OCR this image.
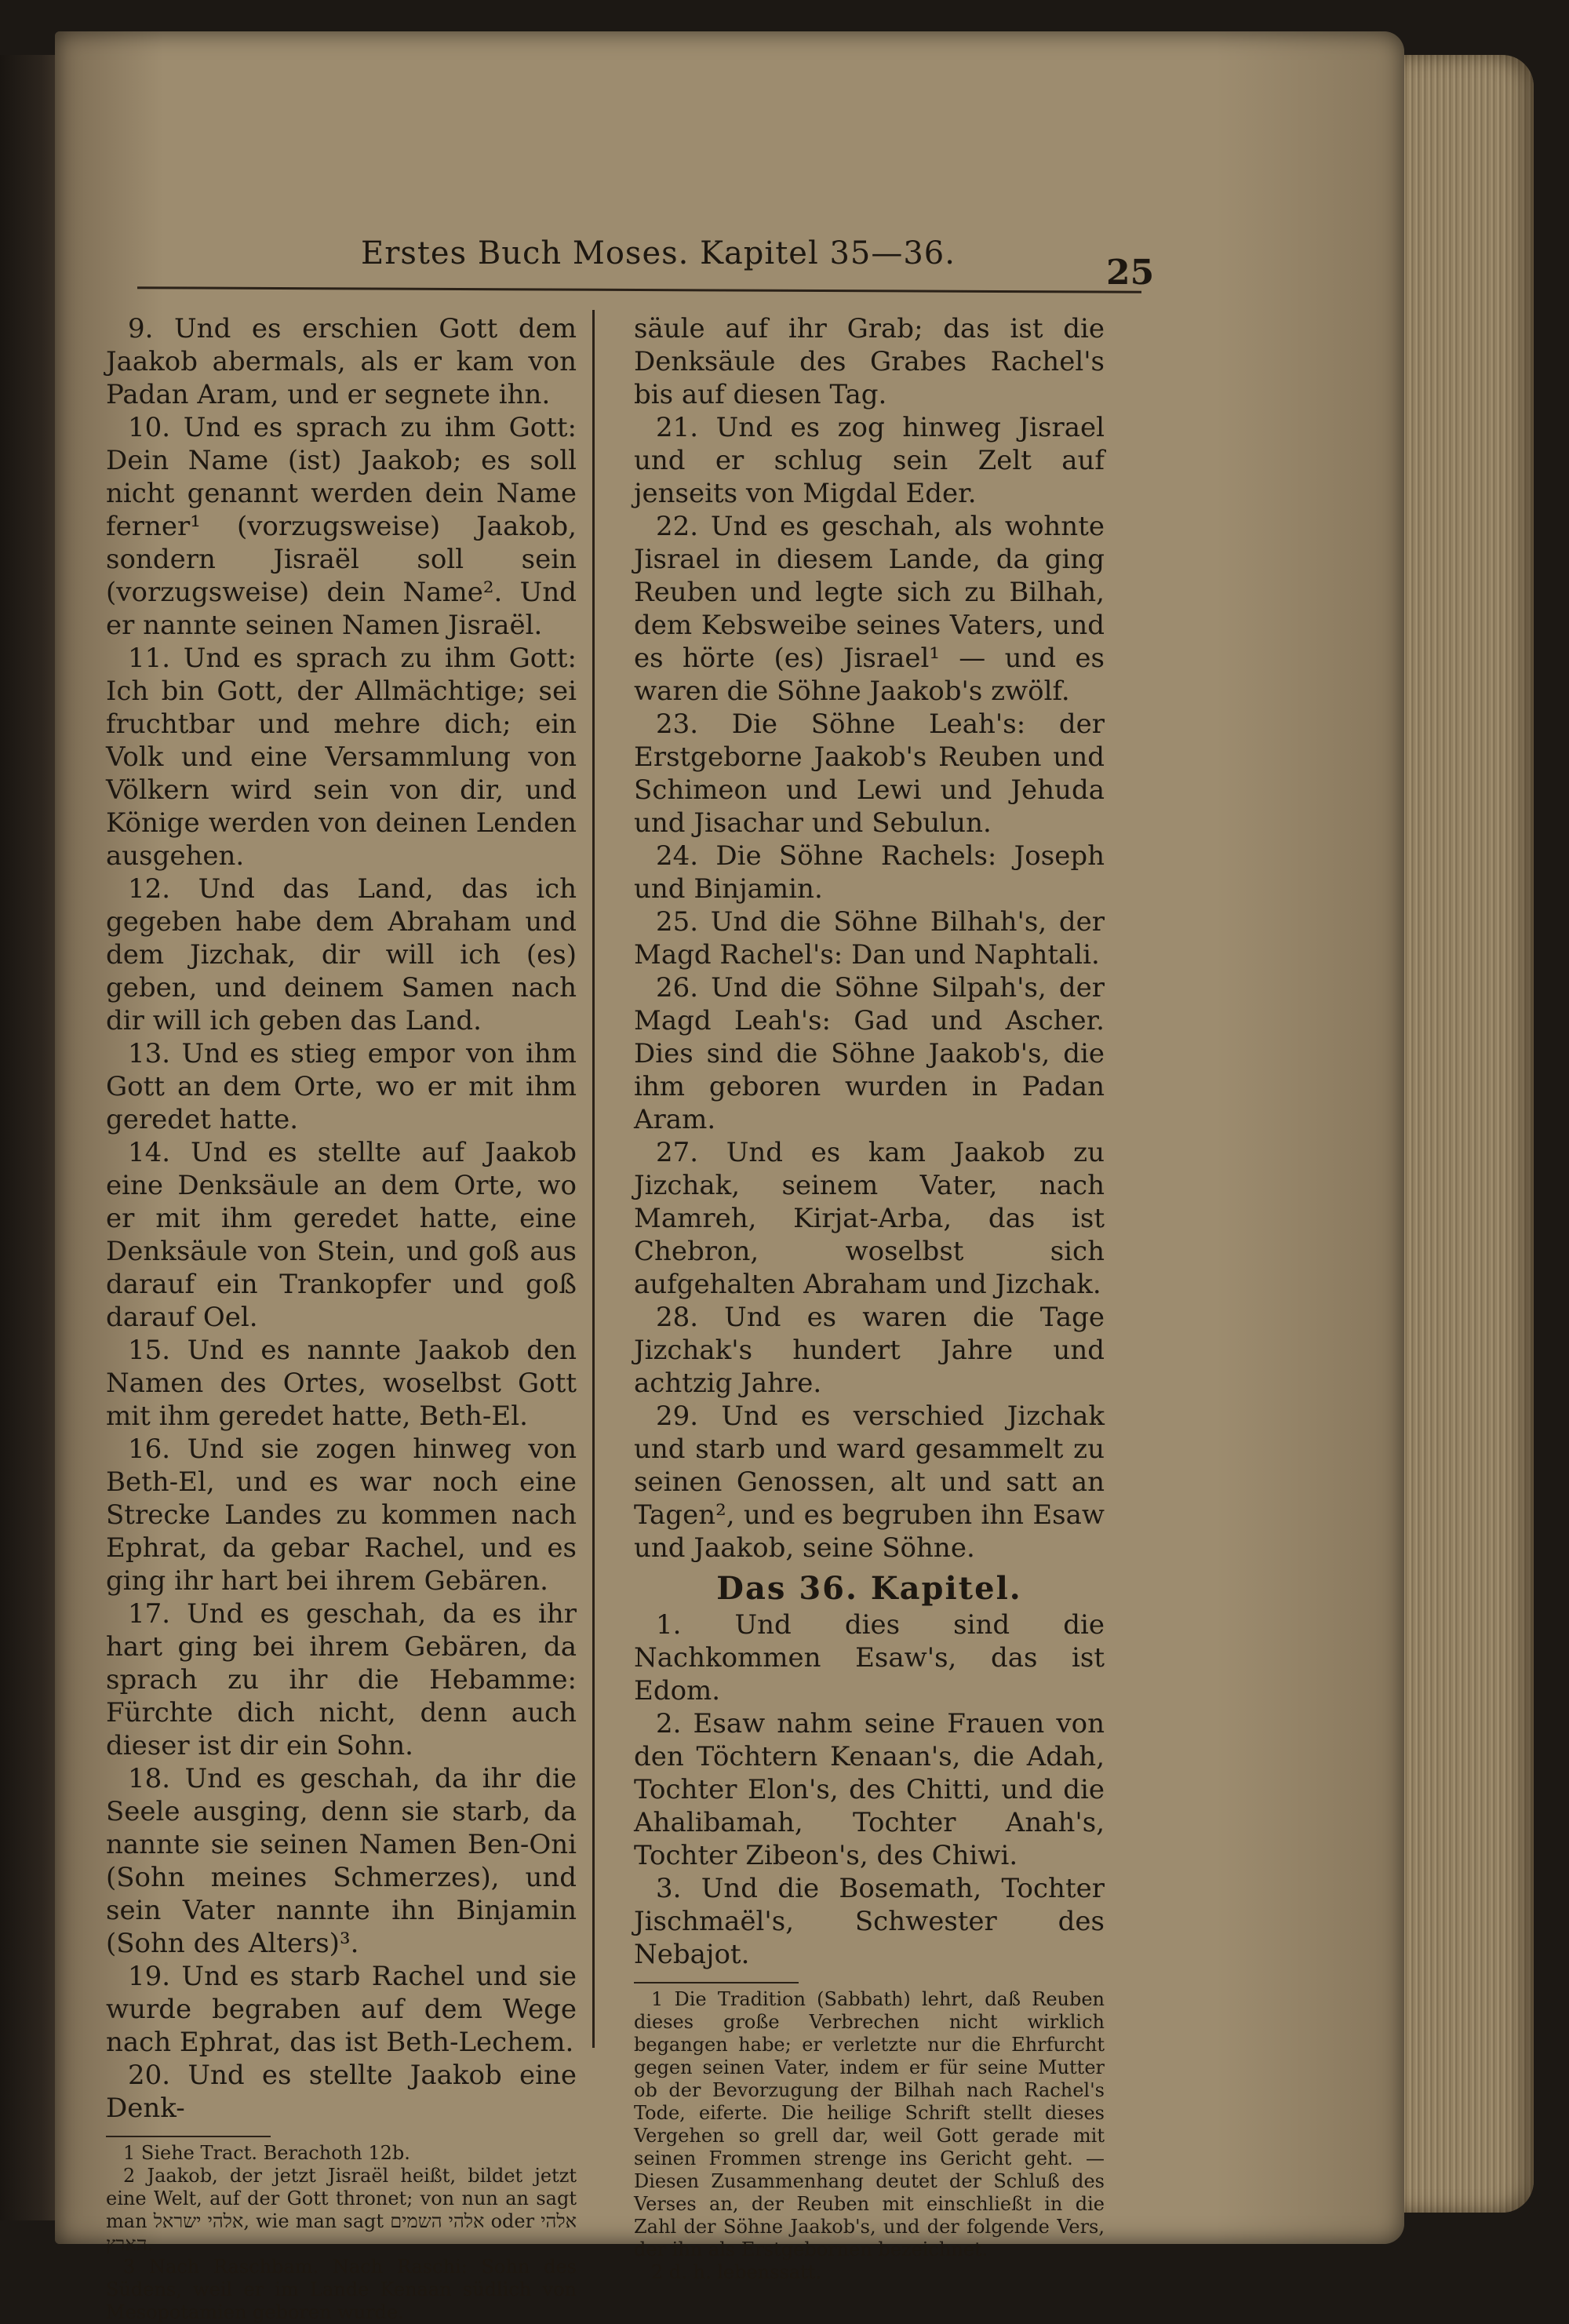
Erstes Buch Moses. Kapitel 35—36.	25

9. Und es erschien Gott dem Jaakob abermals, als er kam von Padan Aram, und er segnete ihn.

10. Und es sprach zu ihm Gott: Dein Name (ist) Jaakob; es soll nicht genannt werden dein Name ferner¹ (vorzugsweise) Jaakob, sondern Jisraël soll sein (vorzugsweise) dein Name². Und er nannte seinen Namen Jisraël.

11. Und es sprach zu ihm Gott: Ich bin Gott, der Allmächtige; sei fruchtbar und mehre dich; ein Volk und eine Versammlung von Völkern wird sein von dir, und Könige werden von deinen Lenden ausgehen.

12. Und das Land, das ich gegeben habe dem Abraham und dem Jizchak, dir will ich (es) geben, und deinem Samen nach dir will ich geben das Land.

13. Und es stieg empor von ihm Gott an dem Orte, wo er mit ihm geredet hatte.

14. Und es stellte auf Jaakob eine Denksäule an dem Orte, wo er mit ihm geredet hatte, eine Denksäule von Stein, und goß aus darauf ein Trankopfer und goß darauf Oel.

15. Und es nannte Jaakob den Namen des Ortes, woselbst Gott mit ihm geredet hatte, Beth-El.

16. Und sie zogen hinweg von Beth-El, und es war noch eine Strecke Landes zu kommen nach Ephrat, da gebar Rachel, und es ging ihr hart bei ihrem Gebären.

17. Und es geschah, da es ihr hart ging bei ihrem Gebären, da sprach zu ihr die Hebamme: Fürchte dich nicht, denn auch dieser ist dir ein Sohn.

18. Und es geschah, da ihr die Seele ausging, denn sie starb, da nannte sie seinen Namen Ben-Oni (Sohn meines Schmerzes), und sein Vater nannte ihn Binjamin (Sohn des Alters)³.

19. Und es starb Rachel und sie wurde begraben auf dem Wege nach Ephrat, das ist Beth-Lechem.

20. Und es stellte Jaakob eine Denk-

1 Siehe Tract. Berachoth 12b.

2 Jaakob, der jetzt Jisraël heißt, bildet jetzt eine Welt, auf der Gott thronet; von nun an sagt man אלהי ישראל, wie man sagt אלהי השמים oder אלהי הארץ.

3 Nach Raschbam. Nach Raschi: Sohn des Südens, weil er im Lande Kenaan südlich von Mesopotamien geboren wurde.

säule auf ihr Grab; das ist die Denksäule des Grabes Rachel's bis auf diesen Tag.

21. Und es zog hinweg Jisrael und er schlug sein Zelt auf jenseits von Migdal Eder.

22. Und es geschah, als wohnte Jisrael in diesem Lande, da ging Reuben und legte sich zu Bilhah, dem Kebsweibe seines Vaters, und es hörte (es) Jisrael¹ — und es waren die Söhne Jaakob's zwölf.

23. Die Söhne Leah's: der Erstgeborne Jaakob's Reuben und Schimeon und Lewi und Jehuda und Jisachar und Sebulun.

24. Die Söhne Rachels: Joseph und Binjamin.

25. Und die Söhne Bilhah's, der Magd Rachel's: Dan und Naphtali.

26. Und die Söhne Silpah's, der Magd Leah's: Gad und Ascher. Dies sind die Söhne Jaakob's, die ihm geboren wurden in Padan Aram.

27. Und es kam Jaakob zu Jizchak, seinem Vater, nach Mamreh, Kirjat-Arba, das ist Chebron, woselbst sich aufgehalten Abraham und Jizchak.

28. Und es waren die Tage Jizchak's hundert Jahre und achtzig Jahre.

29. Und es verschied Jizchak und starb und ward gesammelt zu seinen Genossen, alt und satt an Tagen², und es begruben ihn Esaw und Jaakob, seine Söhne.

Das 36. Kapitel.

1. Und dies sind die Nachkommen Esaw's, das ist Edom.

2. Esaw nahm seine Frauen von den Töchtern Kenaan's, die Adah, Tochter Elon's, des Chitti, und die Ahalibamah, Tochter Anah's, Tochter Zibeon's, des Chiwi.

3. Und die Bosemath, Tochter Jischmaël's, Schwester des Nebajot.

1 Die Tradition (Sabbath) lehrt, daß Reuben dieses große Verbrechen nicht wirklich begangen habe; er verletzte nur die Ehrfurcht gegen seinen Vater, indem er für seine Mutter ob der Bevorzugung der Bilhah nach Rachel's Tode, eiferte. Die heilige Schrift stellt dieses Vergehen so grell dar, weil Gott gerade mit seinen Frommen strenge ins Gericht geht. — Diesen Zusammenhang deutet der Schluß des Verses an, der Reuben mit einschließt in die Zahl der Söhne Jaakob's, und der folgende Vers, der ihn als Erstgebornen bezeichnet.

2 d. h. lebenssatt.
